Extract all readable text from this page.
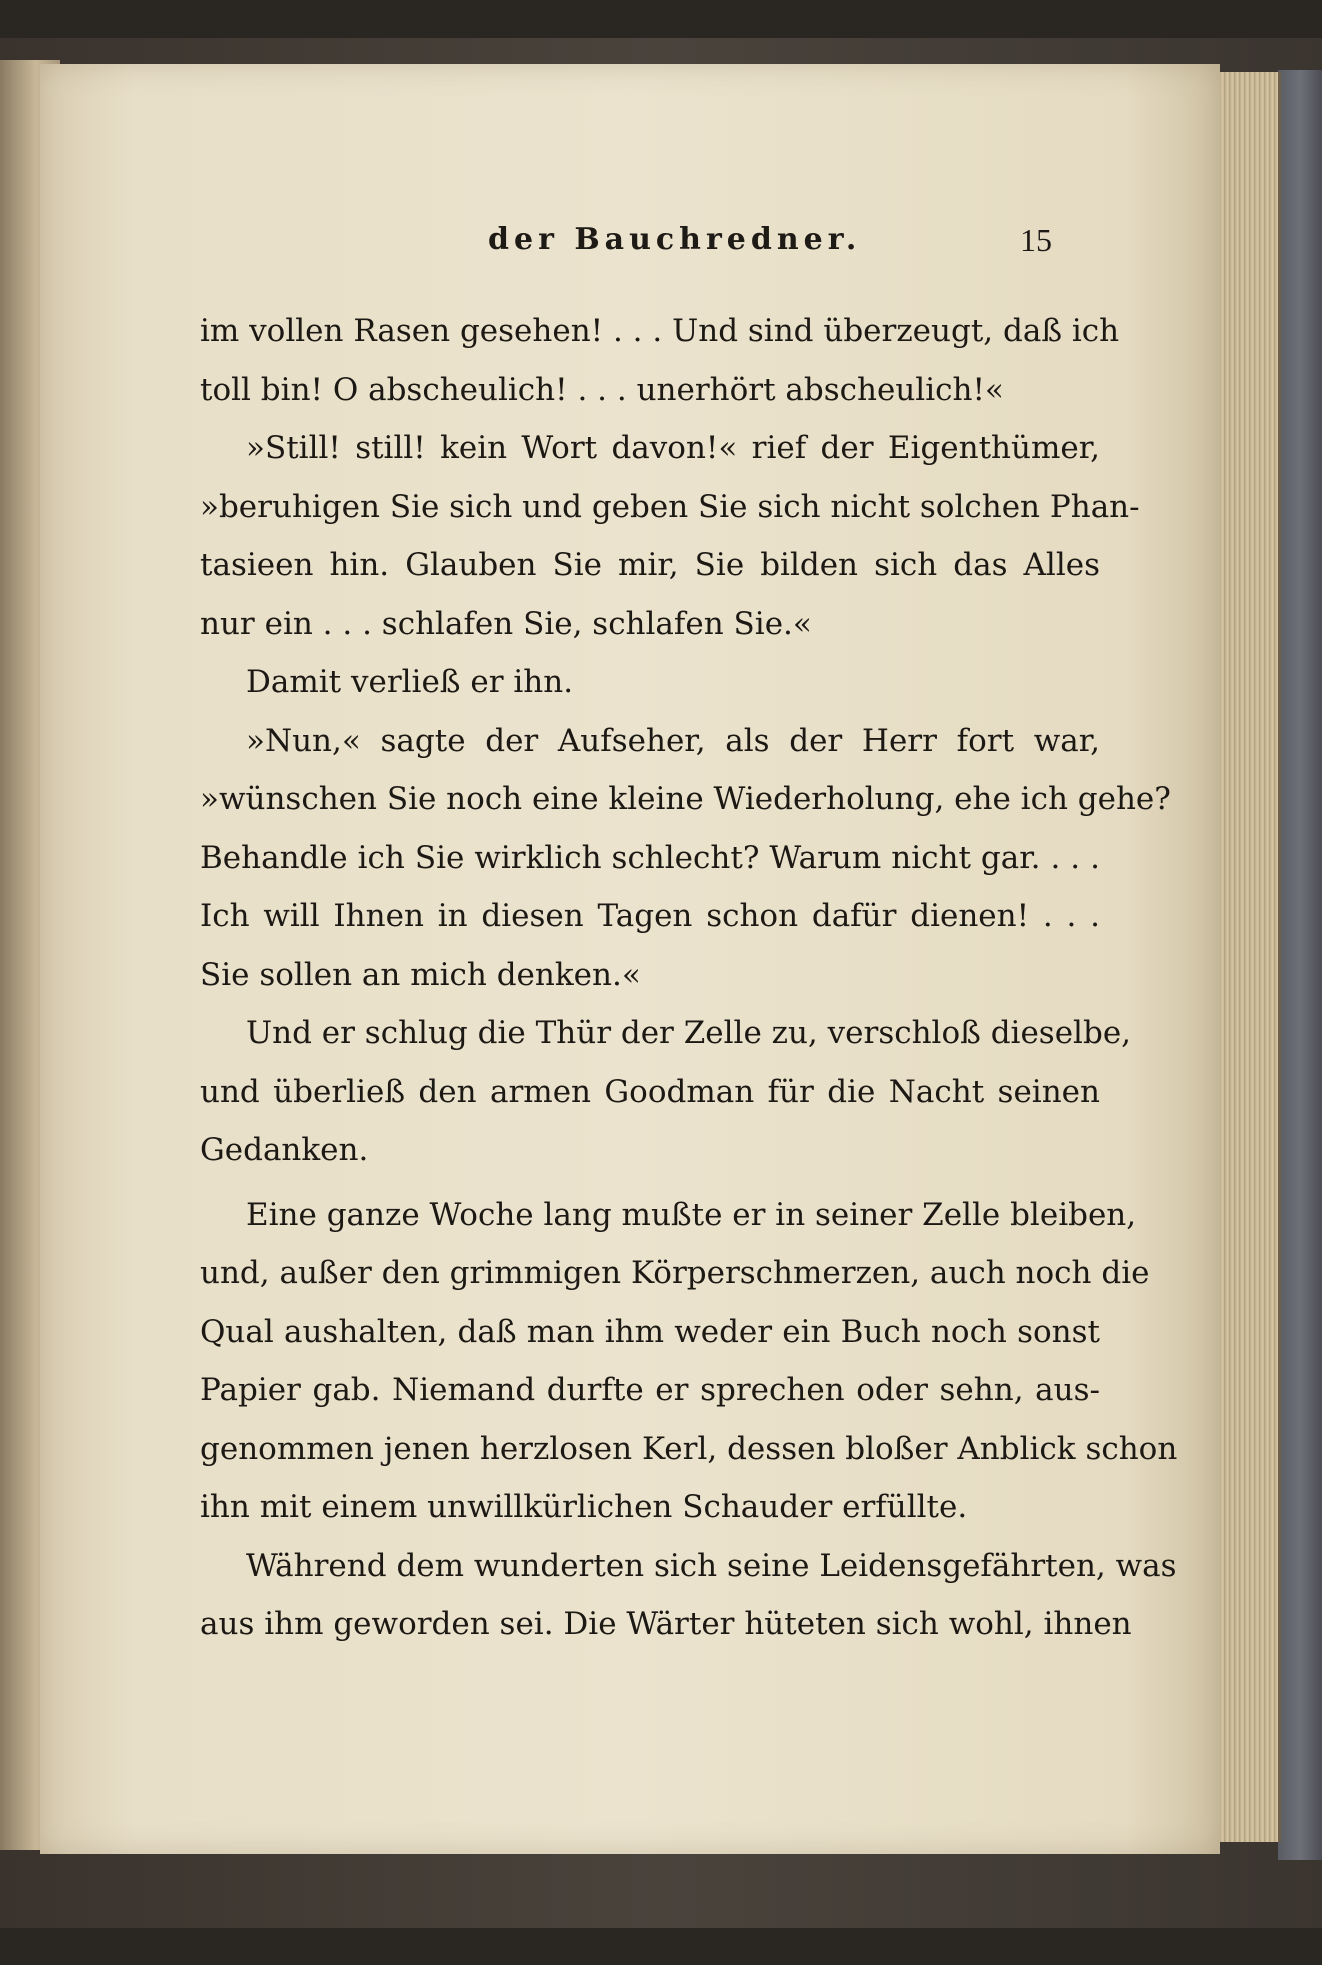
der Bauchredner.	15
im vollen Rasen gesehen! . . . Und sind überzeugt, daß ich
toll bin! O abscheulich! . . . unerhört abscheulich!«
»Still! still! kein Wort davon!« rief der Eigenthümer,
»beruhigen Sie sich und geben Sie sich nicht solchen Phan-
tasieen hin. Glauben Sie mir, Sie bilden sich das Alles
nur ein . . . schlafen Sie, schlafen Sie.«
Damit verließ er ihn.
»Nun,« sagte der Aufseher, als der Herr fort war,
»wünschen Sie noch eine kleine Wiederholung, ehe ich gehe?
Behandle ich Sie wirklich schlecht? Warum nicht gar. . . .
Ich will Ihnen in diesen Tagen schon dafür dienen! . . .
Sie sollen an mich denken.«
Und er schlug die Thür der Zelle zu, verschloß dieselbe,
und überließ den armen Goodman für die Nacht seinen
Gedanken.
Eine ganze Woche lang mußte er in seiner Zelle bleiben,
und, außer den grimmigen Körperschmerzen, auch noch die
Qual aushalten, daß man ihm weder ein Buch noch sonst
Papier gab. Niemand durfte er sprechen oder sehn, aus-
genommen jenen herzlosen Kerl, dessen bloßer Anblick schon
ihn mit einem unwillkürlichen Schauder erfüllte.
Während dem wunderten sich seine Leidensgefährten, was
aus ihm geworden sei. Die Wärter hüteten sich wohl, ihnen
